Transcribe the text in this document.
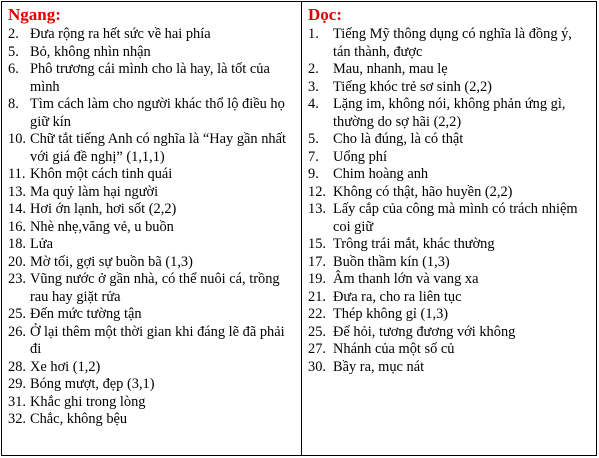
Ngang:
2. Đưa rộng ra hết sức về hai phía
5. Bỏ, không nhìn nhận
6. Phô trương cái mình cho là hay, là tốt của mình
8. Tìm cách làm cho người khác thổ lộ điều họ giữ kín
10. Chữ tắt tiếng Anh có nghĩa là “Hay gần nhất với giá đề nghị” (1,1,1)
11. Khôn một cách tinh quái
13. Ma quỷ làm hại người
14. Hơi ớn lạnh, hơi sốt (2,2)
16. Nhè nhẹ,văng vẻ, u buồn
18. Lửa
20. Mờ tối, gợi sự buồn bã (1,3)
23. Vũng nước ở gần nhà, có thể nuôi cá, trồng rau hay giặt rửa
25. Đến mức tường tận
26. Ở lại thêm một thời gian khi đáng lẽ đã phải đi
28. Xe hơi (1,2)
29. Bóng mượt, đẹp (3,1)
31. Khắc ghi trong lòng
32. Chắc, không bệu
Dọc:
1. Tiếng Mỹ thông dụng có nghĩa là đồng ý, tán thành, được
2. Mau, nhanh, mau lẹ
3. Tiếng khóc trẻ sơ sinh (2,2)
4. Lặng im, không nói, không phản ứng gì, thường do sợ hãi (2,2)
5. Cho là đúng, là có thật
7. Uổng phí
9. Chim hoàng anh
12. Không có thật, hão huyền (2,2)
13. Lấy cắp của công mà mình có trách nhiệm coi giữ
15. Trông trái mắt, khác thường
17. Buồn thầm kín (1,3)
19. Âm thanh lớn và vang xa
21. Đưa ra, cho ra liên tục
22. Thép không gỉ (1,3)
25. Để hỏi, tương đương với không
27. Nhánh của một số củ
30. Bầy ra, mục nát
